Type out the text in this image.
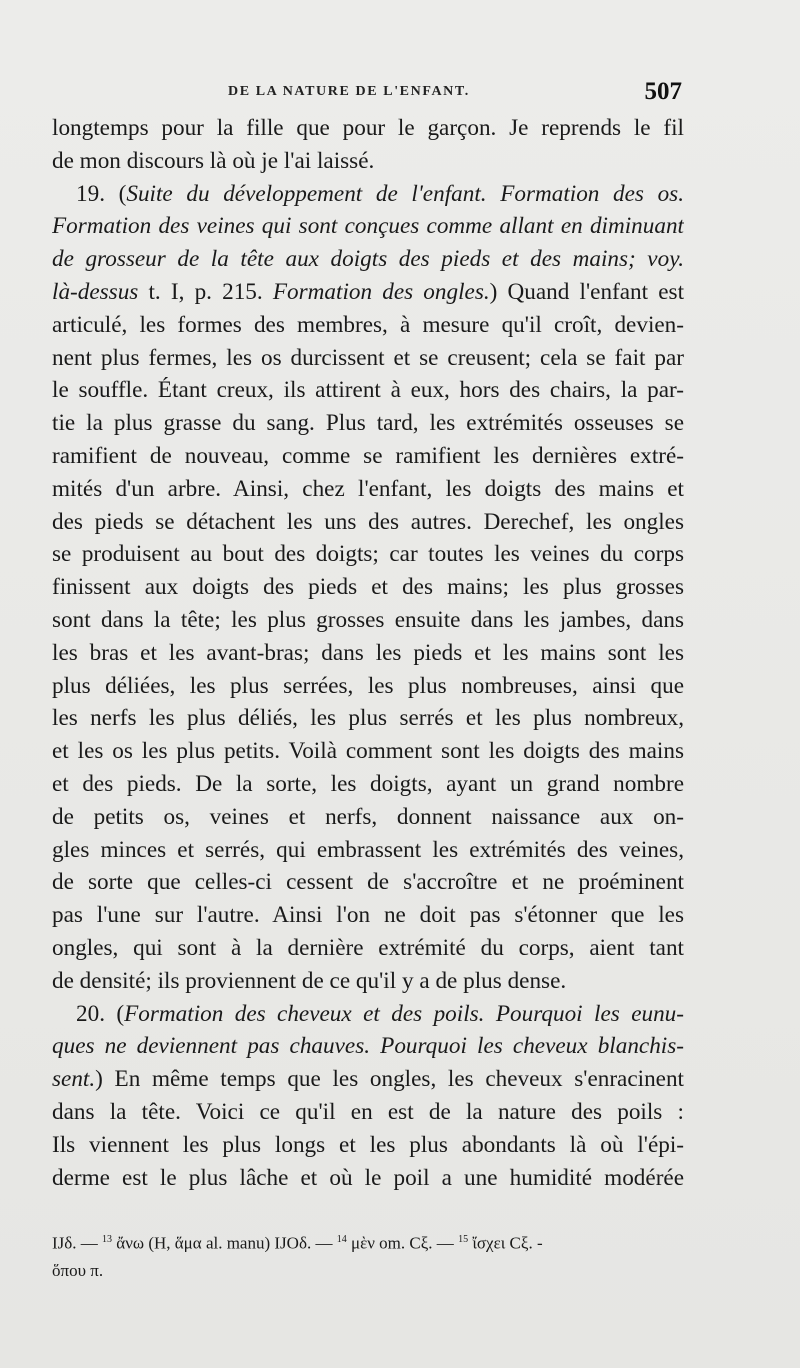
DE LA NATURE DE L'ENFANT.	507
longtemps pour la fille que pour le garçon. Je reprends le fil
de mon discours là où je l'ai laissé.
19. (Suite du développement de l'enfant. Formation des os.
Formation des veines qui sont conçues comme allant en diminuant
de grosseur de la tête aux doigts des pieds et des mains; voy.
là-dessus t. I, p. 215. Formation des ongles.) Quand l'enfant est
articulé, les formes des membres, à mesure qu'il croît, devien-
nent plus fermes, les os durcissent et se creusent; cela se fait par
le souffle. Étant creux, ils attirent à eux, hors des chairs, la par-
tie la plus grasse du sang. Plus tard, les extrémités osseuses se
ramifient de nouveau, comme se ramifient les dernières extré-
mités d'un arbre. Ainsi, chez l'enfant, les doigts des mains et
des pieds se détachent les uns des autres. Derechef, les ongles
se produisent au bout des doigts; car toutes les veines du corps
finissent aux doigts des pieds et des mains; les plus grosses
sont dans la tête; les plus grosses ensuite dans les jambes, dans
les bras et les avant-bras; dans les pieds et les mains sont les
plus déliées, les plus serrées, les plus nombreuses, ainsi que
les nerfs les plus déliés, les plus serrés et les plus nombreux,
et les os les plus petits. Voilà comment sont les doigts des mains
et des pieds. De la sorte, les doigts, ayant un grand nombre
de petits os, veines et nerfs, donnent naissance aux on-
gles minces et serrés, qui embrassent les extrémités des veines,
de sorte que celles-ci cessent de s'accroître et ne proéminent
pas l'une sur l'autre. Ainsi l'on ne doit pas s'étonner que les
ongles, qui sont à la dernière extrémité du corps, aient tant
de densité; ils proviennent de ce qu'il y a de plus dense.
20. (Formation des cheveux et des poils. Pourquoi les eunu-
ques ne deviennent pas chauves. Pourquoi les cheveux blanchis-
sent.) En même temps que les ongles, les cheveux s'enracinent
dans la tête. Voici ce qu'il en est de la nature des poils :
Ils viennent les plus longs et les plus abondants là où l'épi-
derme est le plus lâche et où le poil a une humidité modérée
IJδ. — $^{13}$ ἄνω (H, ἅμα al. manu) IJOδ. — $^{14}$ μὲν om. Cξ. — $^{15}$ ἴσχει Cξ. -
ὅπου π.
